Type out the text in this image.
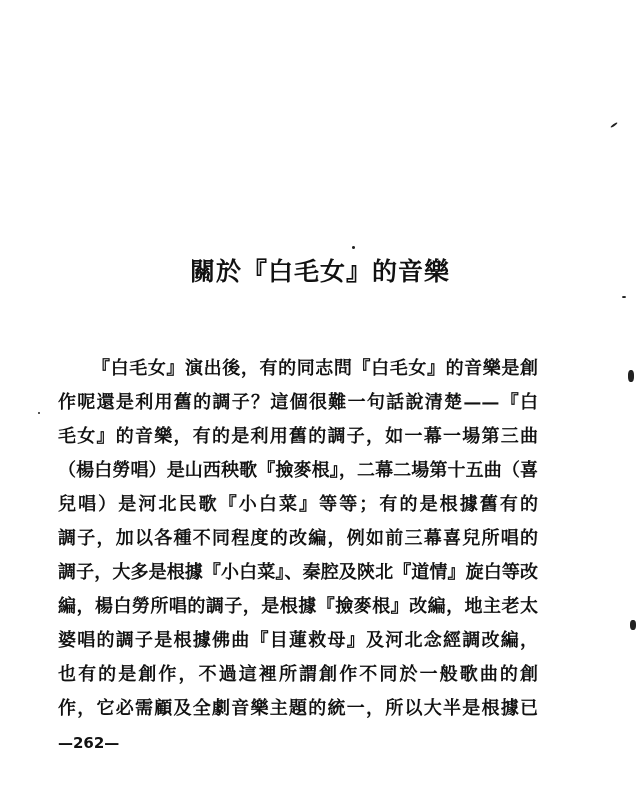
關於『白毛女』的音樂
『白毛女』演出後，有的同志問『白毛女』的音樂是創
作呢還是利用舊的調子？這個很難一句話說清楚——『白
毛女』的音樂，有的是利用舊的調子，如一幕一場第三曲
（楊白勞唱）是山西秧歌『撿麥根』，二幕二場第十五曲（喜
兒唱）是河北民歌『小白菜』等等；有的是根據舊有的
調子，加以各種不同程度的改編，例如前三幕喜兒所唱的
調子，大多是根據『小白菜』、秦腔及陝北『道情』旋白等改
編，楊白勞所唱的調子，是根據『撿麥根』改編，地主老太
婆唱的調子是根據佛曲『目蓮救母』及河北念經調改編，
也有的是創作，不過這裡所謂創作不同於一般歌曲的創
作，它必需顧及全劇音樂主題的統一，所以大半是根據已
—262—
